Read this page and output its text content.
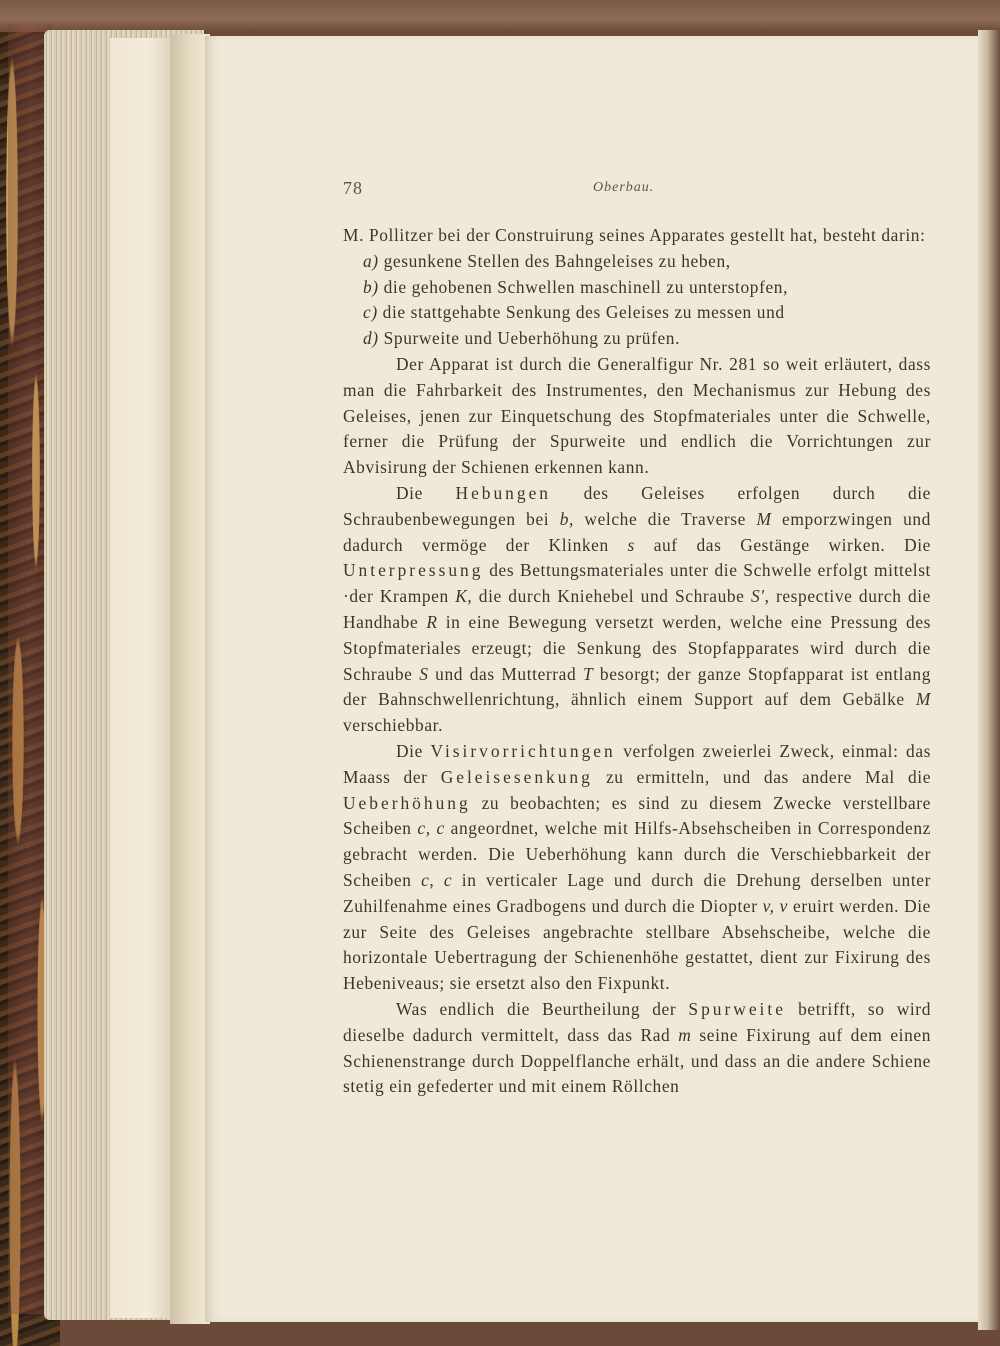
78	Oberbau.

M. Pollitzer bei der Construirung seines Apparates gestellt hat, besteht darin:

a) gesunkene Stellen des Bahngeleises zu heben,

b) die gehobenen Schwellen maschinell zu unterstopfen,

c) die stattgehabte Senkung des Geleises zu messen und

d) Spurweite und Ueberhöhung zu prüfen.

Der Apparat ist durch die Generalfigur Nr. 281 so weit erläutert, dass man die Fahrbarkeit des Instrumentes, den Mechanismus zur Hebung des Geleises, jenen zur Einquetschung des Stopfmateriales unter die Schwelle, ferner die Prüfung der Spurweite und endlich die Vorrichtungen zur Abvisirung der Schienen erkennen kann.

Die Hebungen des Geleises erfolgen durch die Schraubenbewegungen bei b, welche die Traverse M emporzwingen und dadurch vermöge der Klinken s auf das Gestänge wirken. Die Unterpressung des Bettungsmateriales unter die Schwelle erfolgt mittelst ·der Krampen K, die durch Kniehebel und Schraube S', respective durch die Handhabe R in eine Bewegung versetzt werden, welche eine Pressung des Stopfmateriales erzeugt; die Senkung des Stopfapparates wird durch die Schraube S und das Mutterrad T besorgt; der ganze Stopfapparat ist entlang der Bahnschwellenrichtung, ähnlich einem Support auf dem Gebälke M verschiebbar.

Die Visirvorrichtungen verfolgen zweierlei Zweck, einmal: das Maass der Geleisesenkung zu ermitteln, und das andere Mal die Ueberhöhung zu beobachten; es sind zu diesem Zwecke verstellbare Scheiben c, c angeordnet, welche mit Hilfs-Absehscheiben in Correspondenz gebracht werden. Die Ueberhöhung kann durch die Verschiebbarkeit der Scheiben c, c in verticaler Lage und durch die Drehung derselben unter Zuhilfenahme eines Gradbogens und durch die Diopter v, v eruirt werden. Die zur Seite des Geleises angebrachte stellbare Absehscheibe, welche die horizontale Uebertragung der Schienenhöhe gestattet, dient zur Fixirung des Hebeniveaus; sie ersetzt also den Fixpunkt.

Was endlich die Beurtheilung der Spurweite betrifft, so wird dieselbe dadurch vermittelt, dass das Rad m seine Fixirung auf dem einen Schienenstrange durch Doppelflanche erhält, und dass an die andere Schiene stetig ein gefederter und mit einem Röllchen
